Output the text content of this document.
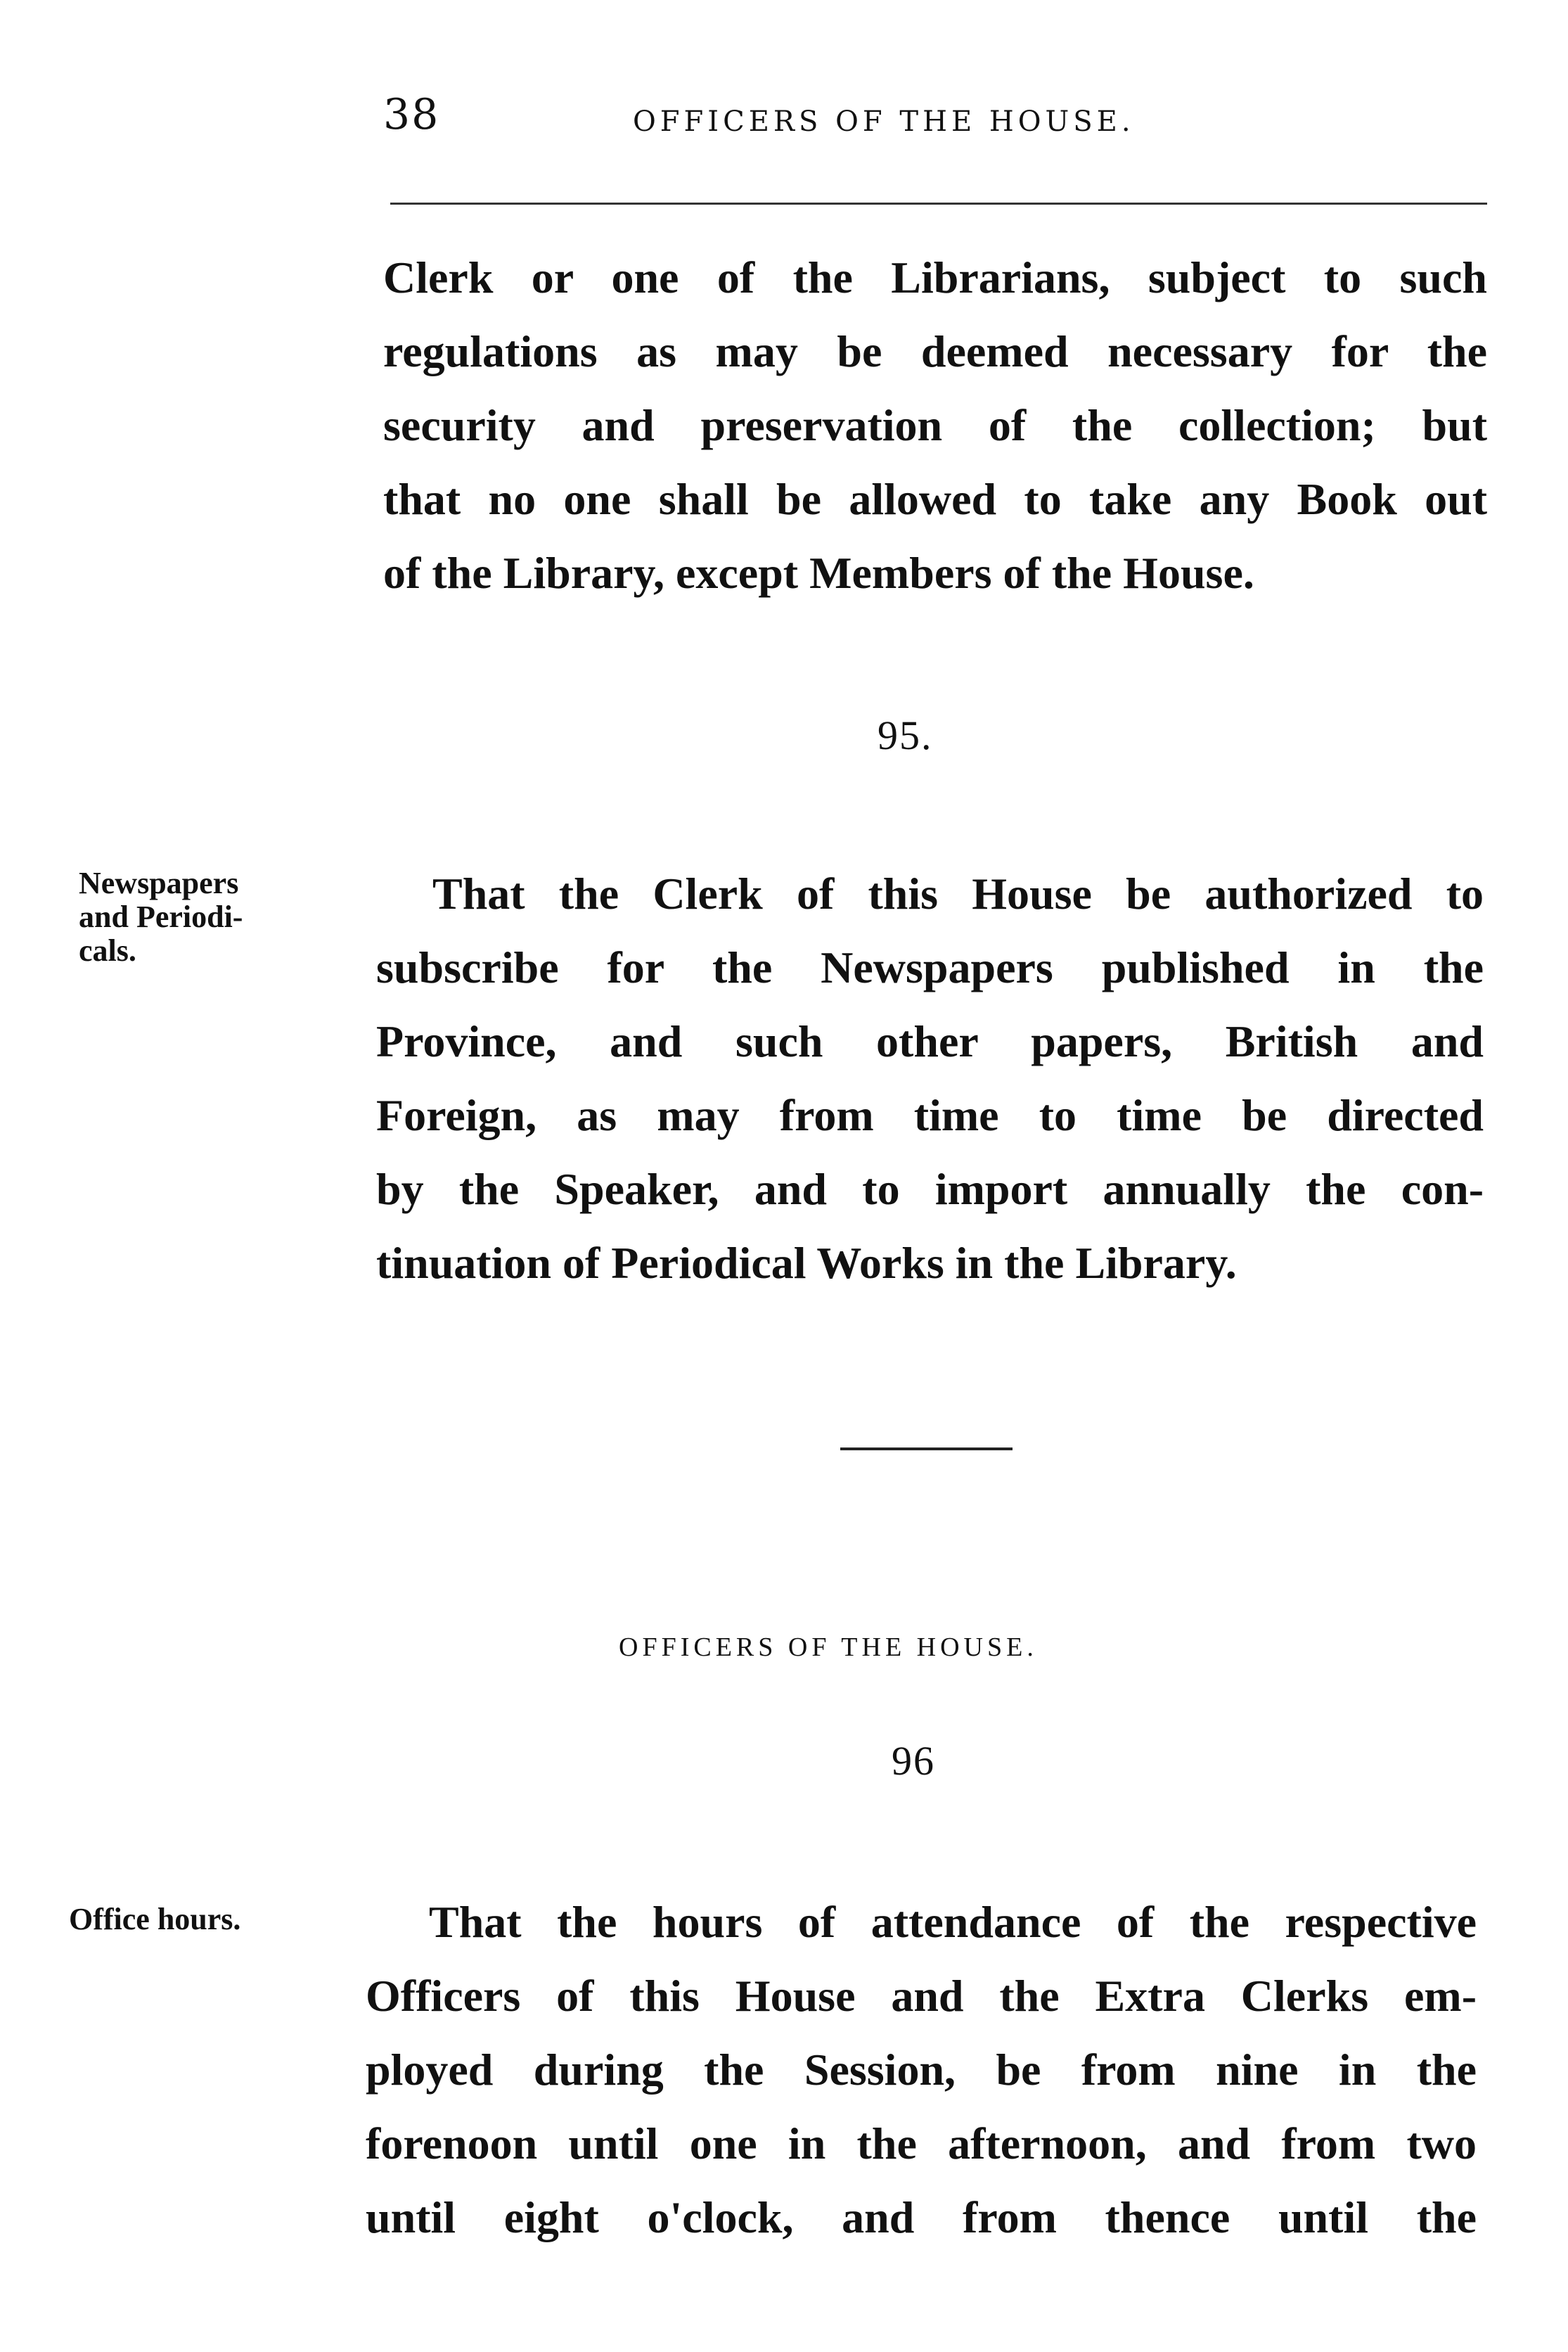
38	OFFICERS OF THE HOUSE.
Clerk or one of the Librarians, subject to such
regulations as may be deemed necessary for the
security and preservation of the collection; but
that no one shall be allowed to take any Book out
of the Library, except Members of the House.
95.
Newspapers
and Periodi-
cals.
That the Clerk of this House be authorized to
subscribe for the Newspapers published in the
Province, and such other papers, British and
Foreign, as may from time to time be directed
by the Speaker, and to import annually the con-
tinuation of Periodical Works in the Library.
OFFICERS OF THE HOUSE.
96
Office hours.	That the hours of attendance of the respective
Officers of this House and the Extra Clerks em-
ployed during the Session, be from nine in the
forenoon until one in the afternoon, and from two
until eight o'clock, and from thence until the
